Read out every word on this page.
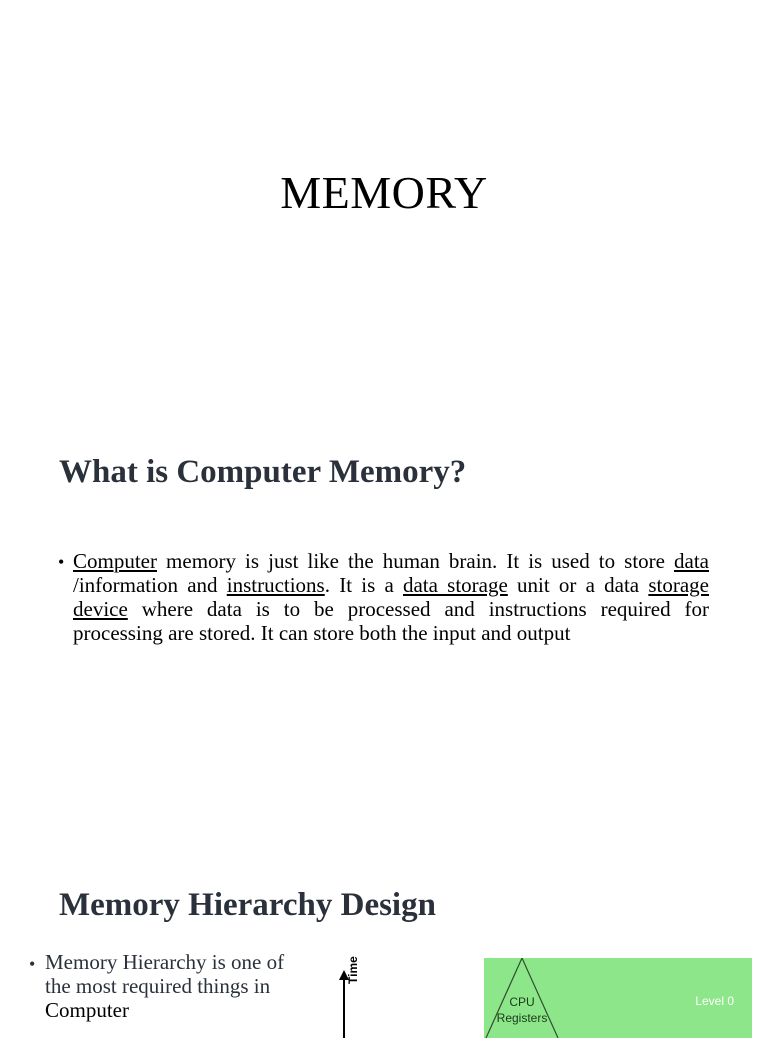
MEMORY
What is Computer Memory?
• Computer memory is just like the human brain. It is used to store data /information and instructions. It is a data storage unit or a data storage device where data is to be processed and instructions required for processing are stored. It can store both the input and output
Memory Hierarchy Design
• Memory Hierarchy is one of the most required things in Computer
Time
CPU
Registers
Level 0
